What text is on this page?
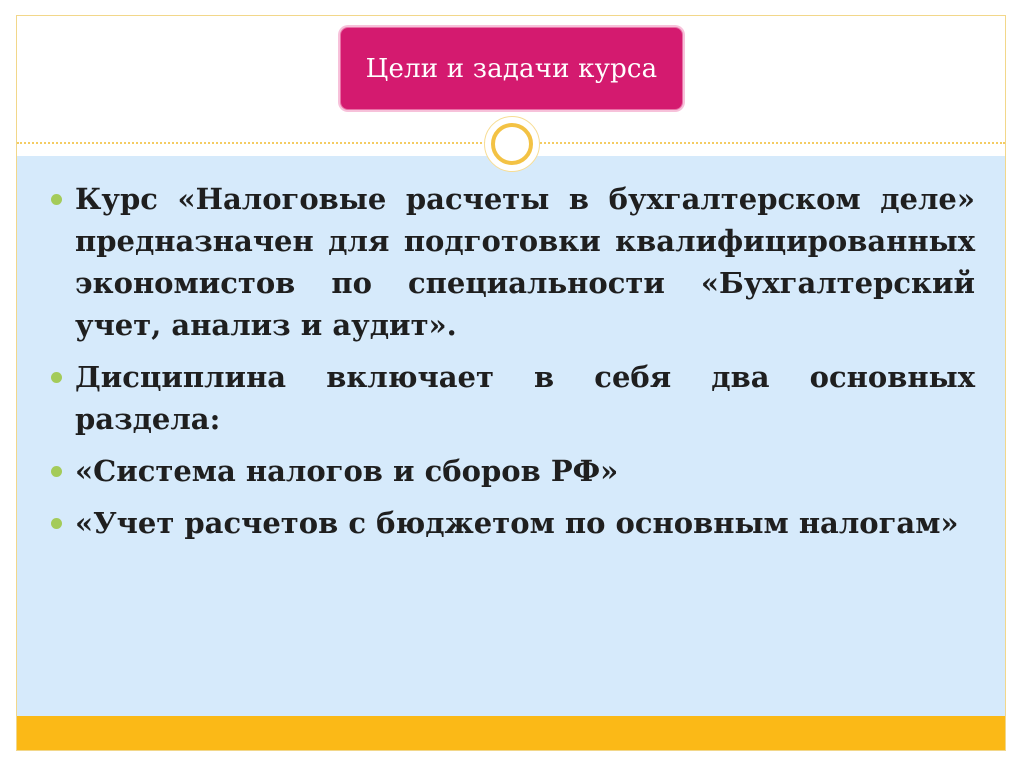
Цели и задачи курса
Курс «Налоговые расчеты в бухгалтерском деле» предназначен для подготовки квалифицированных экономистов по специальности «Бухгалтерский учет, анализ и аудит».
Дисциплина включает в себя два основных раздела:
«Система налогов и сборов РФ»
«Учет расчетов с бюджетом по основным налогам»
